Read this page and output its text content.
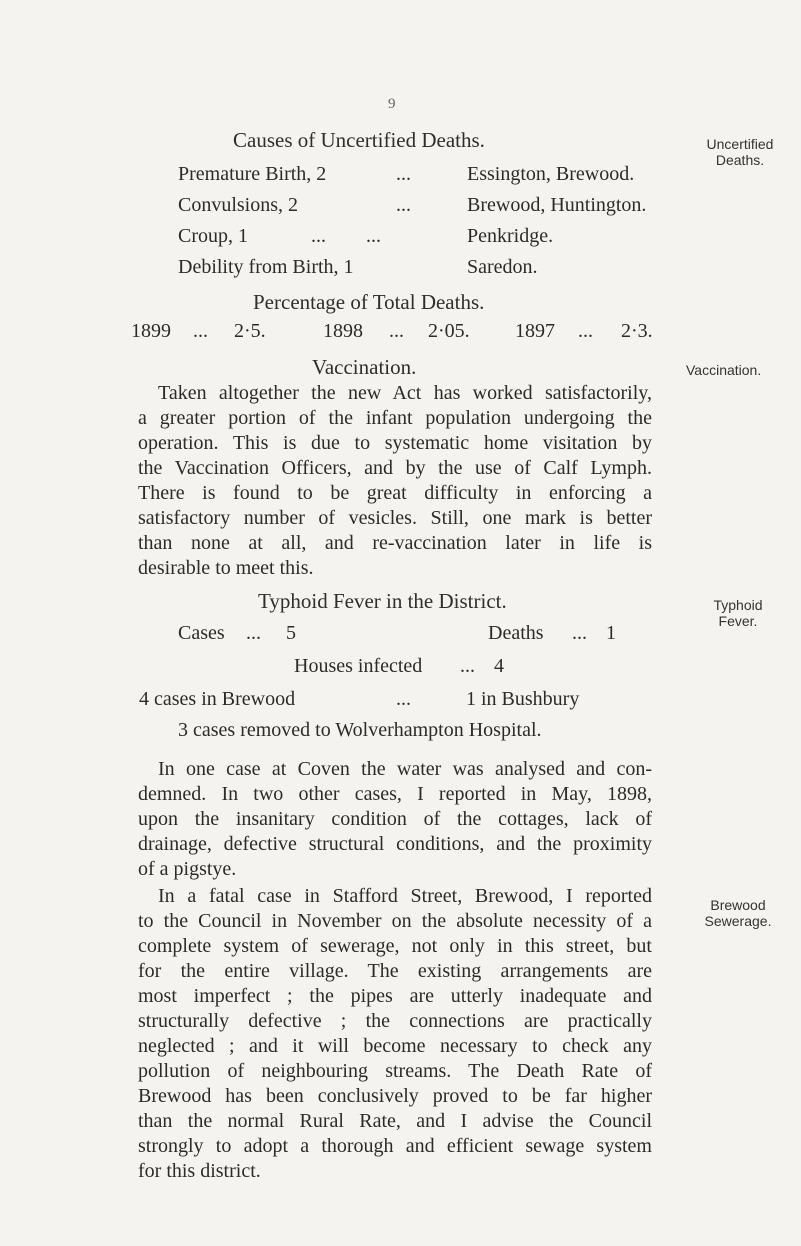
9
Causes of Uncertified Deaths.	Uncertified
Deaths.
Premature Birth, 2	...	Essington, Brewood.
Convulsions, 2	...	Brewood, Huntington.
Croup, 1	...        ...	Penkridge.
Debility from Birth, 1	Saredon.
Percentage of Total Deaths.
1899 ... 2·5.	1898 ... 2·05. 1897 ... 2·3.
Vaccination.	Vaccination.
Taken altogether the new Act has worked satisfactorily,
a greater portion of the infant population undergoing the
operation. This is due to systematic home visitation by
the Vaccination Officers, and by the use of Calf Lymph.
There is found to be great difficulty in enforcing a
satisfactory number of vesicles. Still, one mark is better
than none at all, and re-vaccination later in life is
desirable to meet this.
Typhoid Fever in the District.	Typhoid
Fever.
Cases ... 5	Deaths ... 1
Houses infected ... 4
4 cases in Brewood	...	1 in Bushbury
3 cases removed to Wolverhampton Hospital.
In one case at Coven the water was analysed and con-
demned. In two other cases, I reported in May, 1898,
upon the insanitary condition of the cottages, lack of
drainage, defective structural conditions, and the proximity
of a pigstye.
Brewood
Sewerage.
In a fatal case in Stafford Street, Brewood, I reported
to the Council in November on the absolute necessity of a
complete system of sewerage, not only in this street, but
for the entire village. The existing arrangements are
most imperfect ; the pipes are utterly inadequate and
structurally defective ; the connections are practically
neglected ; and it will become necessary to check any
pollution of neighbouring streams. The Death Rate of
Brewood has been conclusively proved to be far higher
than the normal Rural Rate, and I advise the Council
strongly to adopt a thorough and efficient sewage system
for this district.
